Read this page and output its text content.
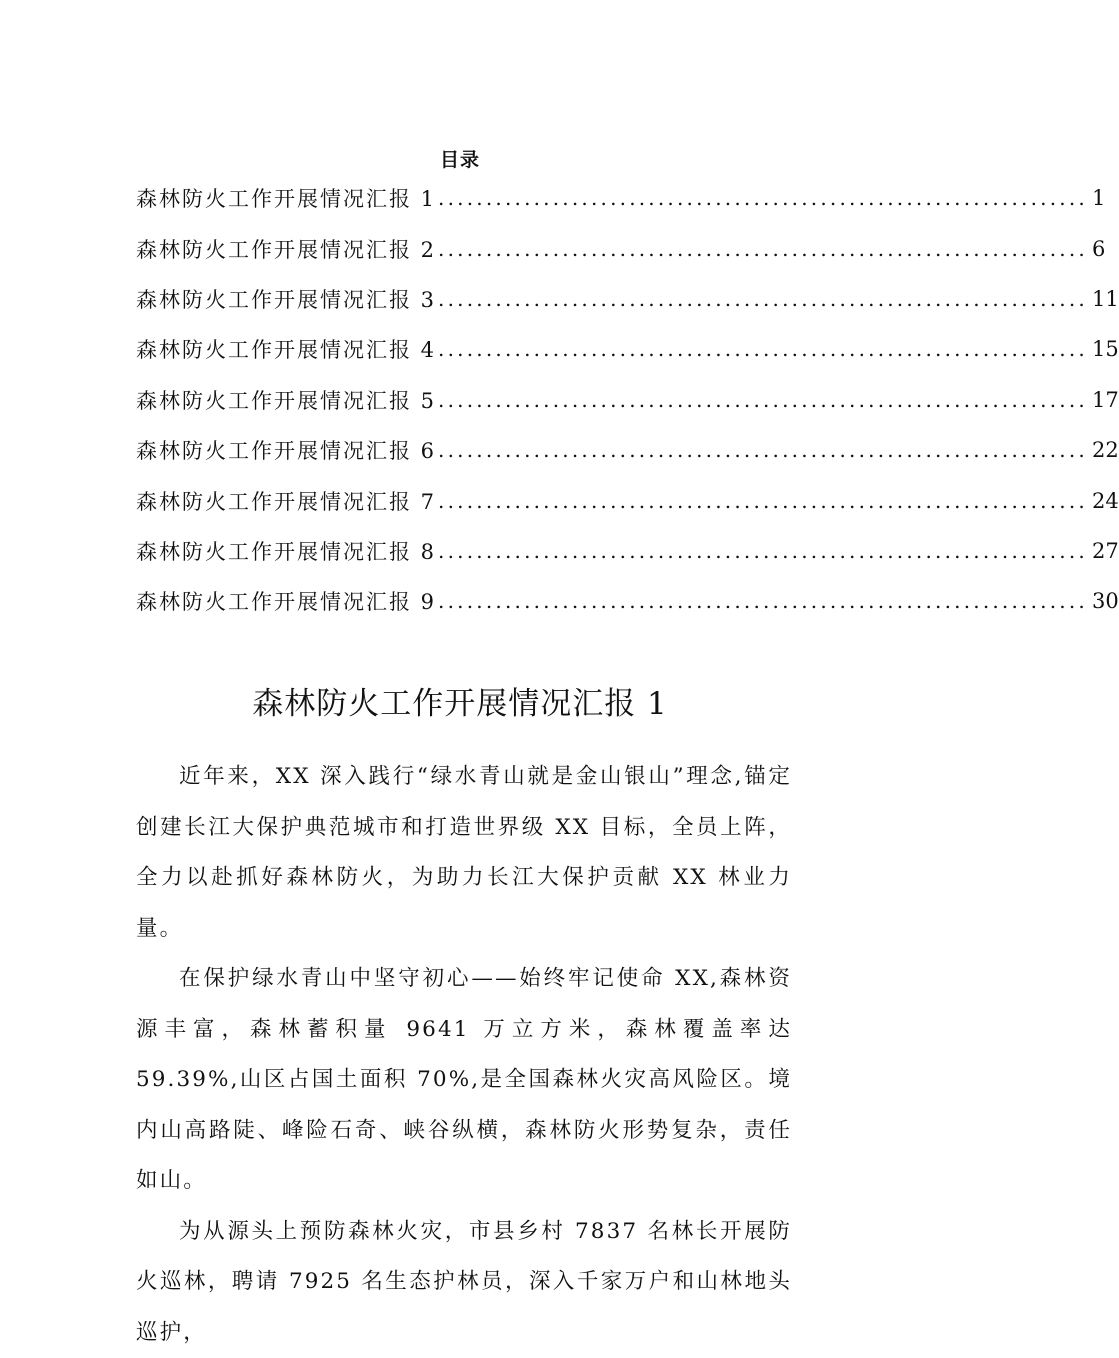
目录
森林防火工作开展情况汇报 1 .................................................................... 1
森林防火工作开展情况汇报 2 .................................................................... 6
森林防火工作开展情况汇报 3 .................................................................... 11
森林防火工作开展情况汇报 4 .................................................................... 15
森林防火工作开展情况汇报 5 .................................................................... 17
森林防火工作开展情况汇报 6 .................................................................... 22
森林防火工作开展情况汇报 7 .................................................................... 24
森林防火工作开展情况汇报 8 .................................................................... 27
森林防火工作开展情况汇报 9 .................................................................... 30
森林防火工作开展情况汇报 1

近年来，XX 深入践行“绿水青山就是金山银山”理念,锚定创建长江大保护典范城市和打造世界级 XX 目标，全员上阵，全力以赴抓好森林防火，为助力长江大保护贡献 XX 林业力量。

在保护绿水青山中坚守初心——始终牢记使命 XX,森林资源丰富，森林蓄积量 9641 万立方米，森林覆盖率达 59.39%,山区占国土面积 70%,是全国森林火灾高风险区。境内山高路陡、峰险石奇、峡谷纵横，森林防火形势复杂，责任如山。

为从源头上预防森林火灾，市县乡村 7837 名林长开展防火巡林，聘请 7925 名生态护林员，深入千家万户和山林地头巡护，
